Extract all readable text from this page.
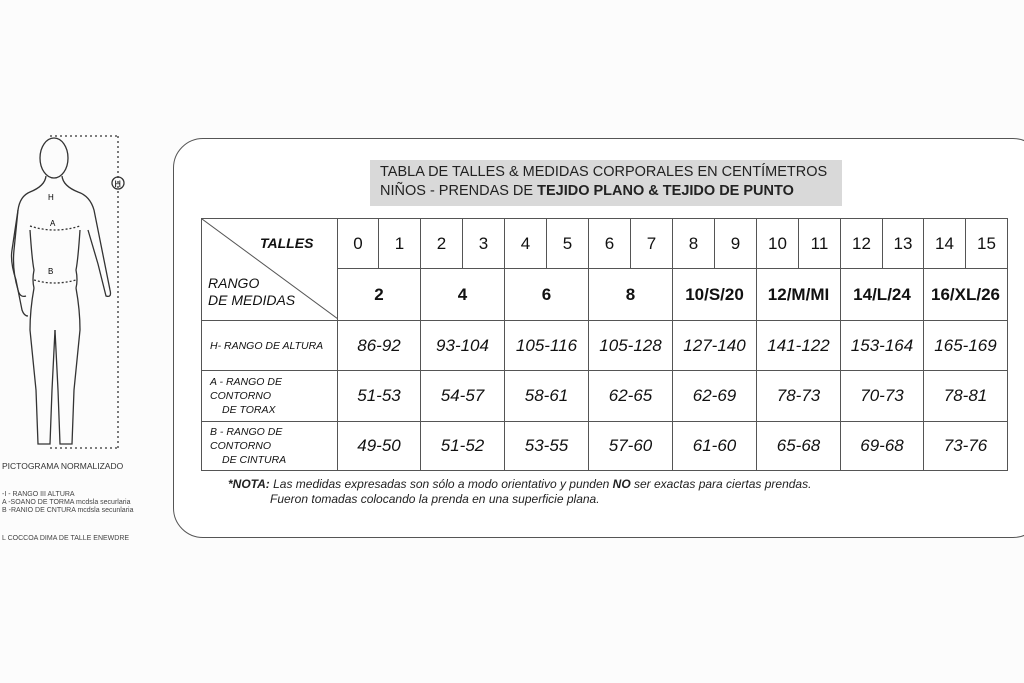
H
H
A
B
PICTOGRAMA NORMALIZADO
-I - RANGO III ALTURA
A -SOANO DE TORMA mcdsla securlaria
B -RANIO DE CNTURA mcdsla secunlaria
L COCCOA DIMA DE TALLE ENEWDRE
TABLA DE TALLES & MEDIDAS CORPORALES EN CENTÍMETROS
NIÑOS - PRENDAS DE TEJIDO PLANO & TEJIDO DE PUNTO
TALLES
RANGO
DE MEDIDAS	0	1	2	3	4	5	6	7	8	9	10	11	12	13	14	15
	2		4		6		8		10/S/20		12/M/MI		14/L/24		16/XL/26	
H- RANGO DE ALTURA	86-92		93-104		105-116		105-128		127-140		141-122		153-164		165-169	
A - RANGO DE CONTORNO
DE TORAX	51-53		54-57		58-61		62-65		62-69		78-73		70-73		78-81	
B - RANGO DE CONTORNO
DE CINTURA	49-50		51-52		53-55		57-60		61-60		65-68		69-68		73-76	
*NOTA: Las medidas expresadas son sólo a modo orientativo y punden NO ser exactas para ciertas prendas.
Fueron tomadas colocando la prenda en una superficie plana.
